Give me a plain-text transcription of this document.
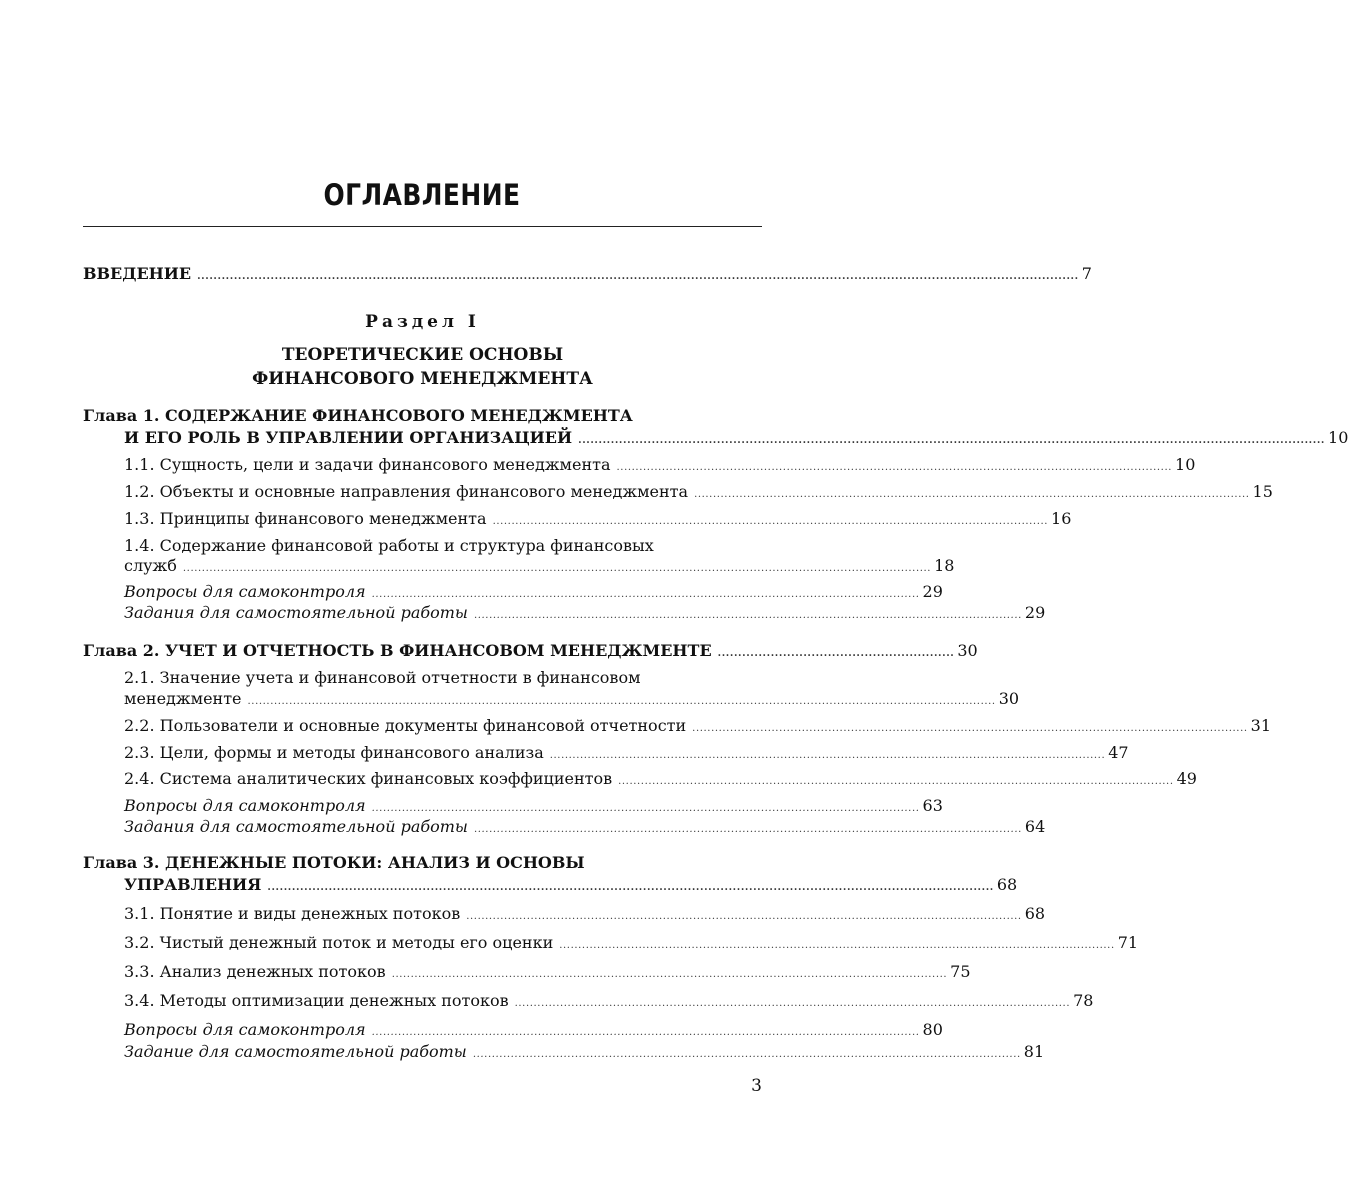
ОГЛАВЛЕНИЕ
ВВЕДЕНИЕ ........................................................................................................................................................................................................................ 7
Раздел I
ТЕОРЕТИЧЕСКИЕ ОСНОВЫ
ФИНАНСОВОГО МЕНЕДЖМЕНТА
Глава 1. СОДЕРЖАНИЕ ФИНАНСОВОГО МЕНЕДЖМЕНТА
И ЕГО РОЛЬ В УПРАВЛЕНИИ ОРГАНИЗАЦИЕЙ ....................................................................................................................................................................................... 10
1.1. Сущность, цели и задачи финансового менеджмента ................................................................................................................................................... 10
1.2. Объекты и основные направления финансового менеджмента ................................................................................................................................................... 15
1.3. Принципы финансового менеджмента ................................................................................................................................................... 16
1.4. Содержание финансовой работы и структура финансовых
служб ...................................................................................................................................................................................................... 18
Вопросы для самоконтроля ................................................................................................................................................. 29
Задания для самостоятельной работы ................................................................................................................................................. 29
Глава 2. УЧЕТ И ОТЧЕТНОСТЬ В ФИНАНСОВОМ МЕНЕДЖМЕНТЕ .......................................................... 30
2.1. Значение учета и финансовой отчетности в финансовом
менеджменте ...................................................................................................................................................................................................... 30
2.2. Пользователи и основные документы финансовой отчетности ................................................................................................................................................... 31
2.3. Цели, формы и методы финансового анализа ................................................................................................................................................... 47
2.4. Система аналитических финансовых коэффициентов ................................................................................................................................................... 49
Вопросы для самоконтроля ................................................................................................................................................. 63
Задания для самостоятельной работы ................................................................................................................................................. 64
Глава 3. ДЕНЕЖНЫЕ ПОТОКИ: АНАЛИЗ И ОСНОВЫ
УПРАВЛЕНИЯ .................................................................................................................................................................................. 68
3.1. Понятие и виды денежных потоков ................................................................................................................................................... 68
3.2. Чистый денежный поток и методы его оценки ................................................................................................................................................... 71
3.3. Анализ денежных потоков ................................................................................................................................................... 75
3.4. Методы оптимизации денежных потоков ................................................................................................................................................... 78
Вопросы для самоконтроля ................................................................................................................................................. 80
Задание для самостоятельной работы ................................................................................................................................................. 81
3
